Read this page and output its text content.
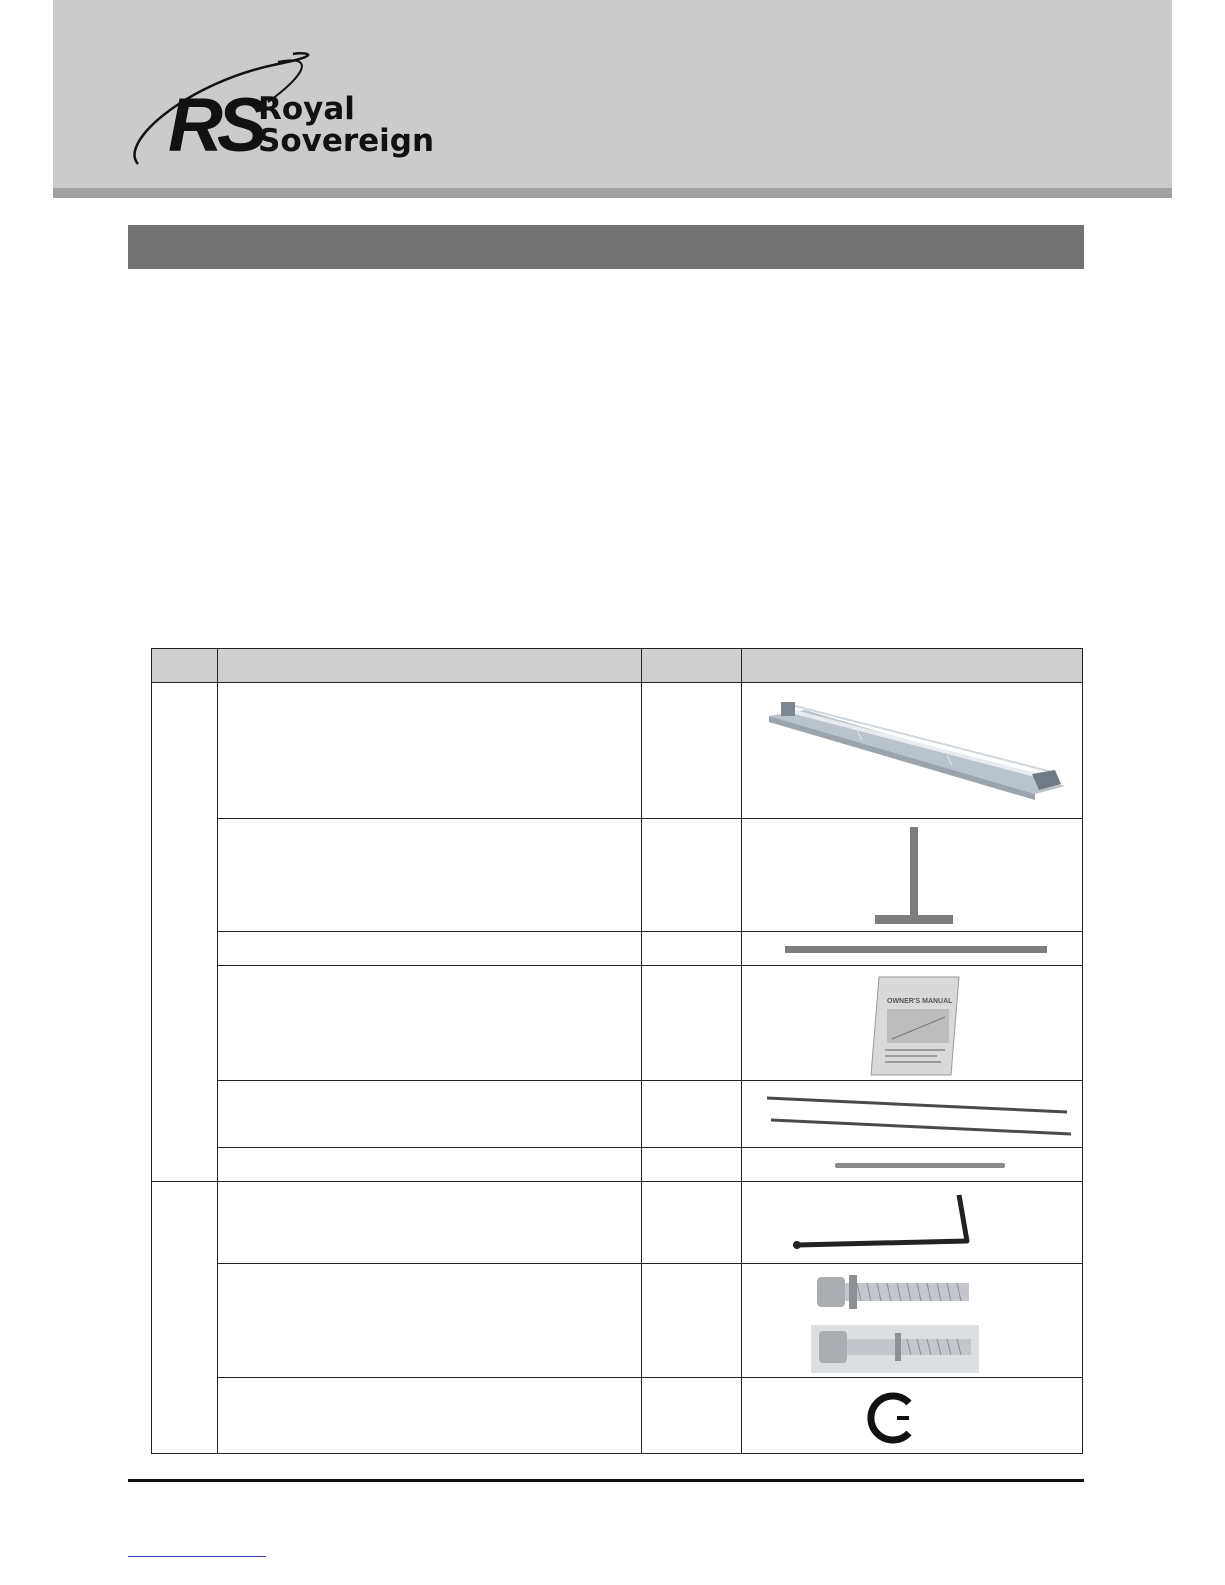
RS
Royal
Sovereign

OWNER'S MANUAL
